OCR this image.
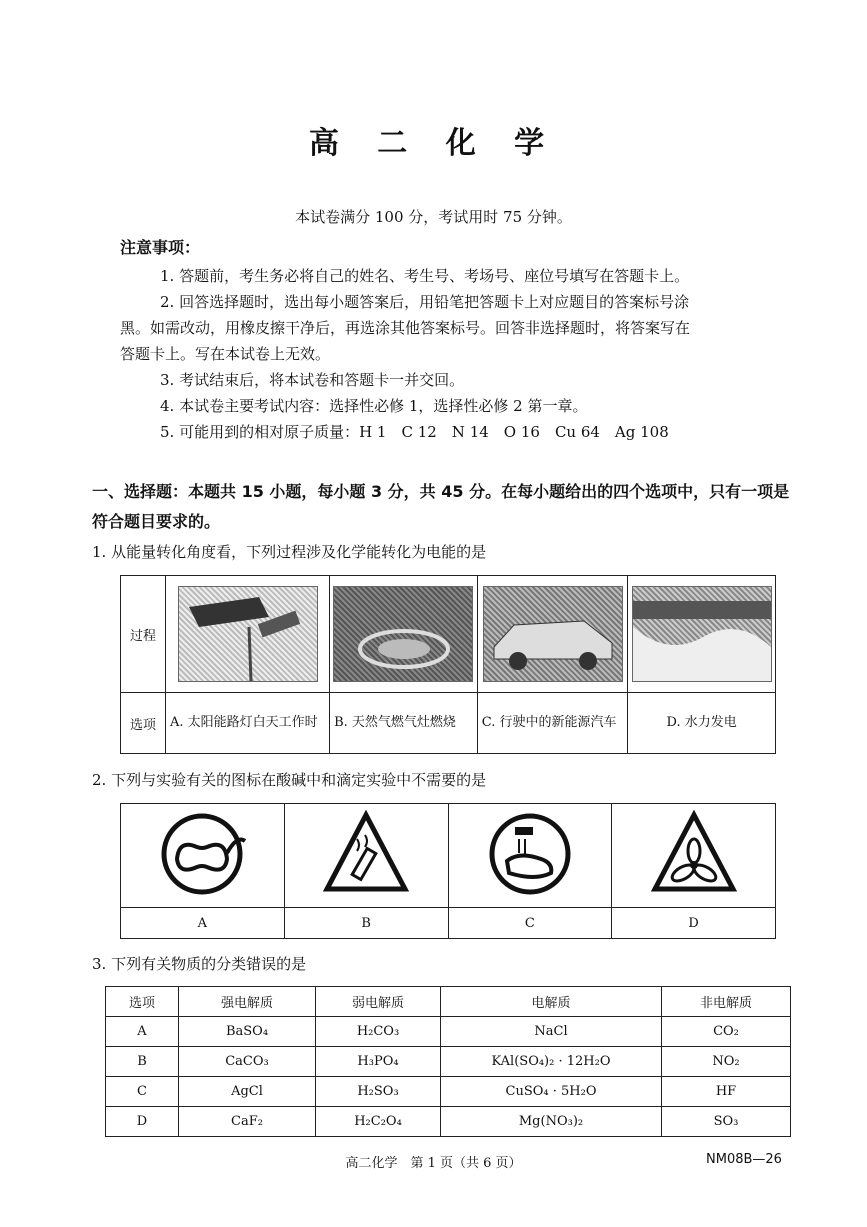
高 二 化 学
本试卷满分 100 分，考试用时 75 分钟。
注意事项：
1. 答题前，考生务必将自己的姓名、考生号、考场号、座位号填写在答题卡上。
2. 回答选择题时，选出每小题答案后，用铅笔把答题卡上对应题目的答案标号涂
黑。如需改动，用橡皮擦干净后，再选涂其他答案标号。回答非选择题时，将答案写在
答题卡上。写在本试卷上无效。
3. 考试结束后，将本试卷和答题卡一并交回。
4. 本试卷主要考试内容：选择性必修 1，选择性必修 2 第一章。
5. 可能用到的相对原子质量：H 1　C 12　N 14　O 16　Cu 64　Ag 108
一、选择题：本题共 15 小题，每小题 3 分，共 45 分。在每小题给出的四个选项中，只有一项是符合题目要求的。
1. 从能量转化角度看，下列过程涉及化学能转化为电能的是
过程	

选项	A. 太阳能路灯白天工作时	B. 天然气燃气灶燃烧	C. 行驶中的新能源汽车	D. 水力发电
2. 下列与实验有关的图标在酸碱中和滴定实验中不需要的是

A	B	C	D
3. 下列有关物质的分类错误的是
选项	强电解质	弱电解质	电解质	非电解质
A	BaSO₄	H₂CO₃	NaCl	CO₂
B	CaCO₃	H₃PO₄	KAl(SO₄)₂ · 12H₂O	NO₂
C	AgCl	H₂SO₃	CuSO₄ · 5H₂O	HF
D	CaF₂	H₂C₂O₄	Mg(NO₃)₂	SO₃
高二化学　第 1 页（共 6 页）	NM08B—26
